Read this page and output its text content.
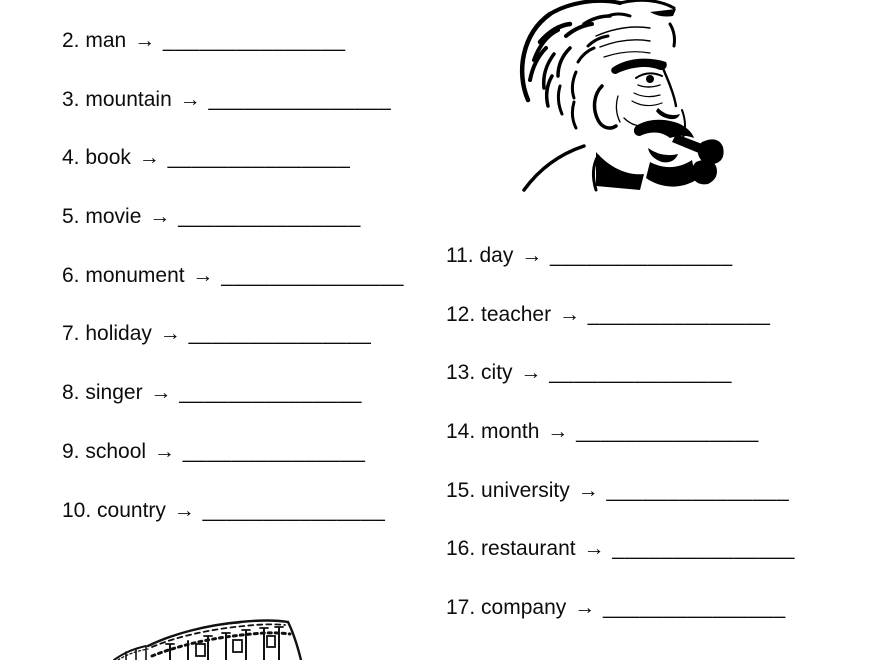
2. man → _______________
3. mountain → _______________
4. book → _______________
5. movie → _______________
6. monument → _______________
7. holiday → _______________
8. singer → _______________
9. school → _______________
10. country → _______________
11. day → _______________
12. teacher → _______________
13. city → _______________
14. month → _______________
15. university → _______________
16. restaurant → _______________
17. company → _______________
